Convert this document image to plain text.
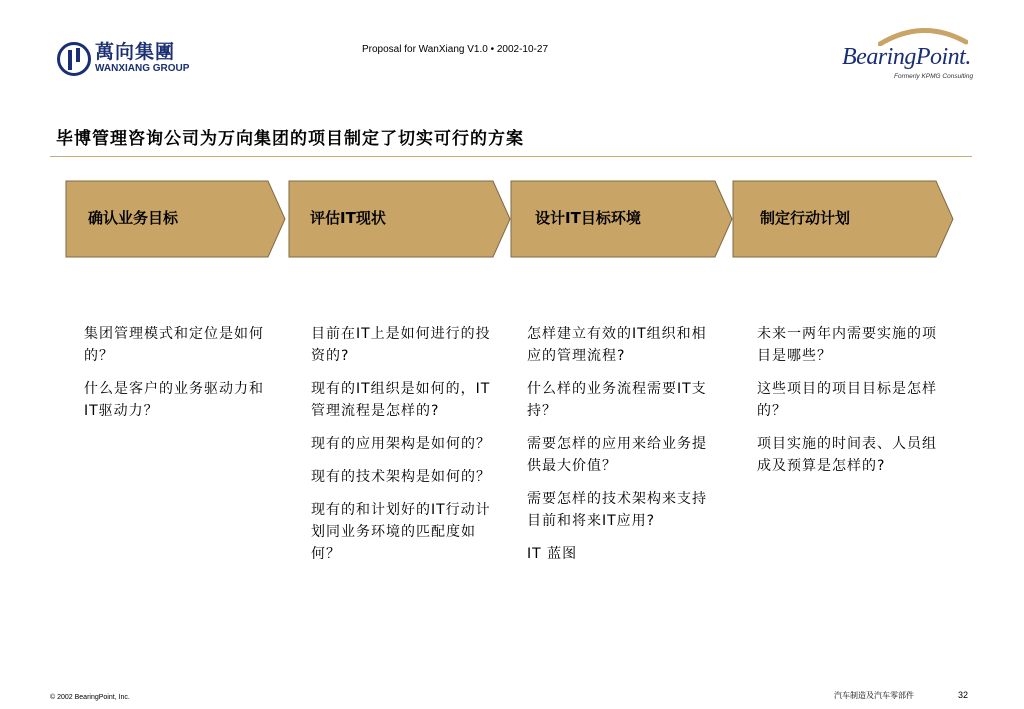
萬向集團
WANXIANG GROUP
Proposal for WanXiang V1.0 • 2002-10-27	BearingPoint.
Formerly KPMG Consulting
毕博管理咨询公司为万向集团的项目制定了切实可行的方案
确认业务目标	评估IT现状	设计IT目标环境	制定行动计划

集团管理模式和定位是如何的？

什么是客户的业务驱动力和IT驱动力？

目前在IT上是如何进行的投资的?

现有的IT组织是如何的，IT管理流程是怎样的?

现有的应用架构是如何的？

现有的技术架构是如何的？

现有的和计划好的IT行动计划同业务环境的匹配度如何？

怎样建立有效的IT组织和相应的管理流程?

什么样的业务流程需要IT支持？

需要怎样的应用来给业务提供最大价值？

需要怎样的技术架构来支持目前和将来IT应用?

IT 蓝图

未来一两年内需要实施的项目是哪些？

这些项目的项目目标是怎样的？

项目实施的时间表、人员组成及预算是怎样的?

© 2002 BearingPoint, Inc.	汽车制造及汽车零部件	32
